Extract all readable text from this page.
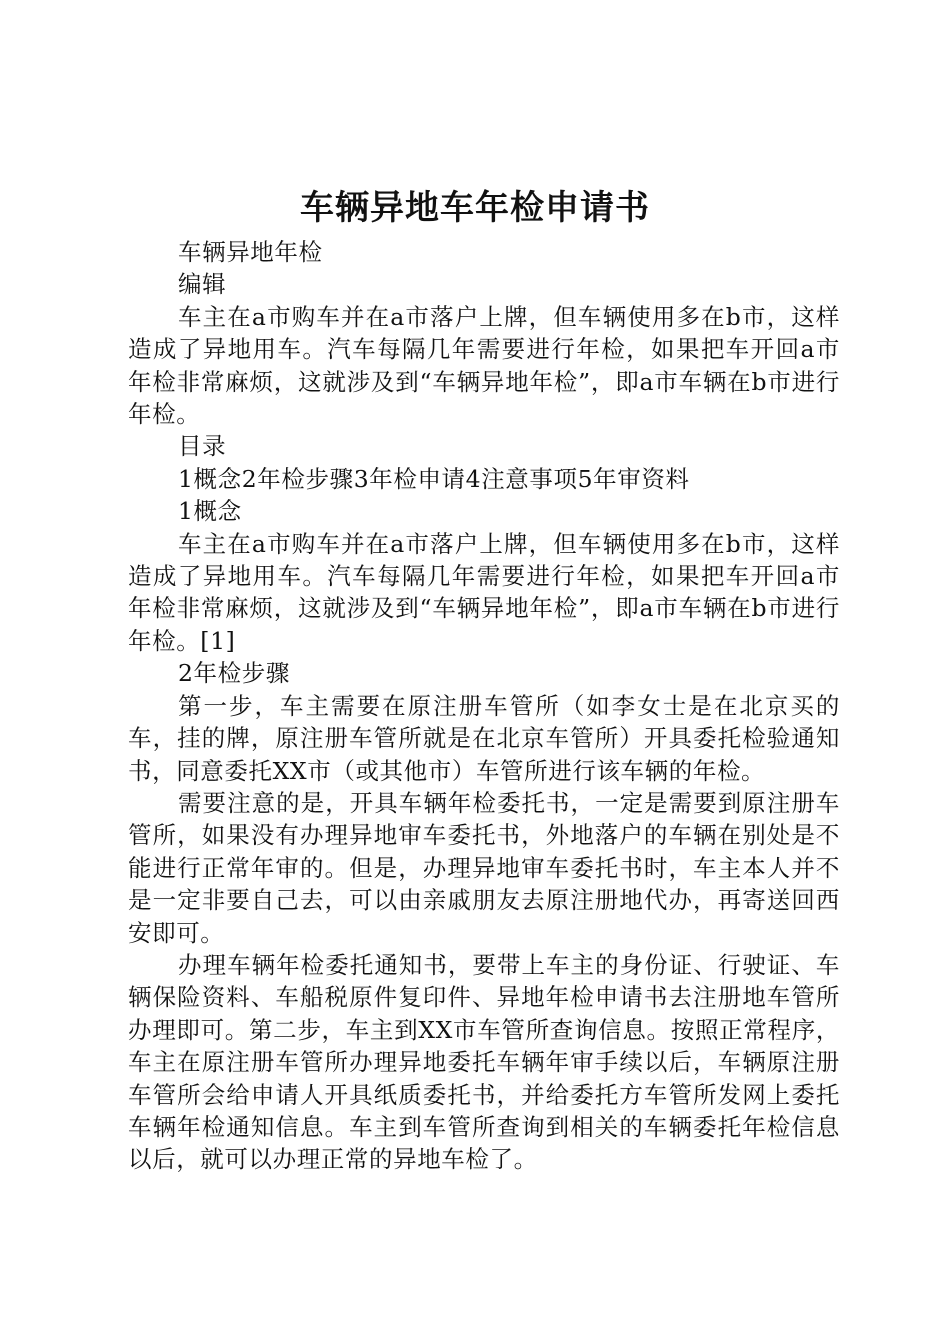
车辆异地车年检申请书

车辆异地年检

编辑

车主在a市购车并在a市落户上牌，但车辆使用多在b市，这样造成了异地用车。汽车每隔几年需要进行年检，如果把车开回a市年检非常麻烦，这就涉及到“车辆异地年检”，即a市车辆在b市进行年检。

目录

1概念2年检步骤3年检申请4注意事项5年审资料

1概念

车主在a市购车并在a市落户上牌，但车辆使用多在b市，这样造成了异地用车。汽车每隔几年需要进行年检，如果把车开回a市年检非常麻烦，这就涉及到“车辆异地年检”，即a市车辆在b市进行年检。[1]

2年检步骤

第一步，车主需要在原注册车管所（如李女士是在北京买的车，挂的牌，原注册车管所就是在北京车管所）开具委托检验通知书，同意委托XX市（或其他市）车管所进行该车辆的年检。

需要注意的是，开具车辆年检委托书，一定是需要到原注册车管所，如果没有办理异地审车委托书，外地落户的车辆在别处是不能进行正常年审的。但是，办理异地审车委托书时，车主本人并不是一定非要自己去，可以由亲戚朋友去原注册地代办，再寄送回西安即可。

办理车辆年检委托通知书，要带上车主的身份证、行驶证、车辆保险资料、车船税原件复印件、异地年检申请书去注册地车管所办理即可。第二步，车主到XX市车管所查询信息。按照正常程序，车主在原注册车管所办理异地委托车辆年审手续以后，车辆原注册车管所会给申请人开具纸质委托书，并给委托方车管所发网上委托车辆年检通知信息。车主到车管所查询到相关的车辆委托年检信息以后，就可以办理正常的异地车检了。
